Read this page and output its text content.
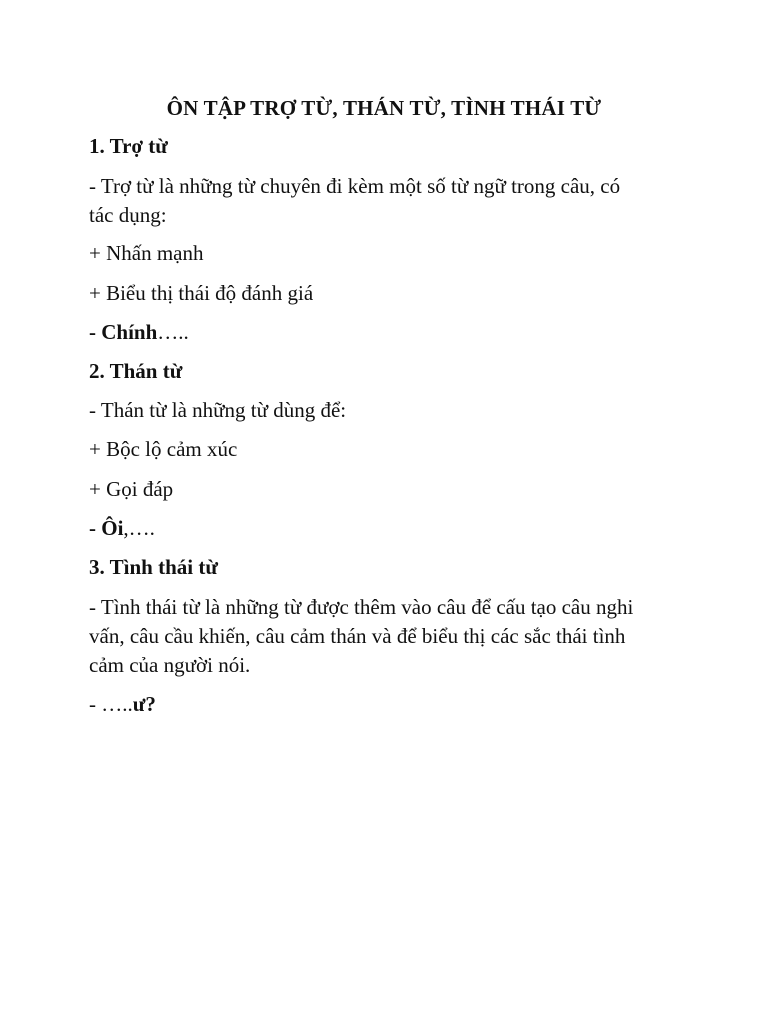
ÔN TẬP TRỢ TỪ, THÁN TỪ, TÌNH THÁI TỪ
1. Trợ từ
- Trợ từ là những từ chuyên đi kèm một số từ ngữ trong câu, có
tác dụng:
+ Nhấn mạnh
+ Biểu thị thái độ đánh giá
- Chính…..
2. Thán từ
- Thán từ là những từ dùng để:
+ Bộc lộ cảm xúc
+ Gọi đáp
- Ôi,….
3. Tình thái từ
- Tình thái từ là những từ được thêm vào câu để cấu tạo câu nghi
vấn, câu cầu khiến, câu cảm thán và để biểu thị các sắc thái tình
cảm của người nói.
- …..ư?
